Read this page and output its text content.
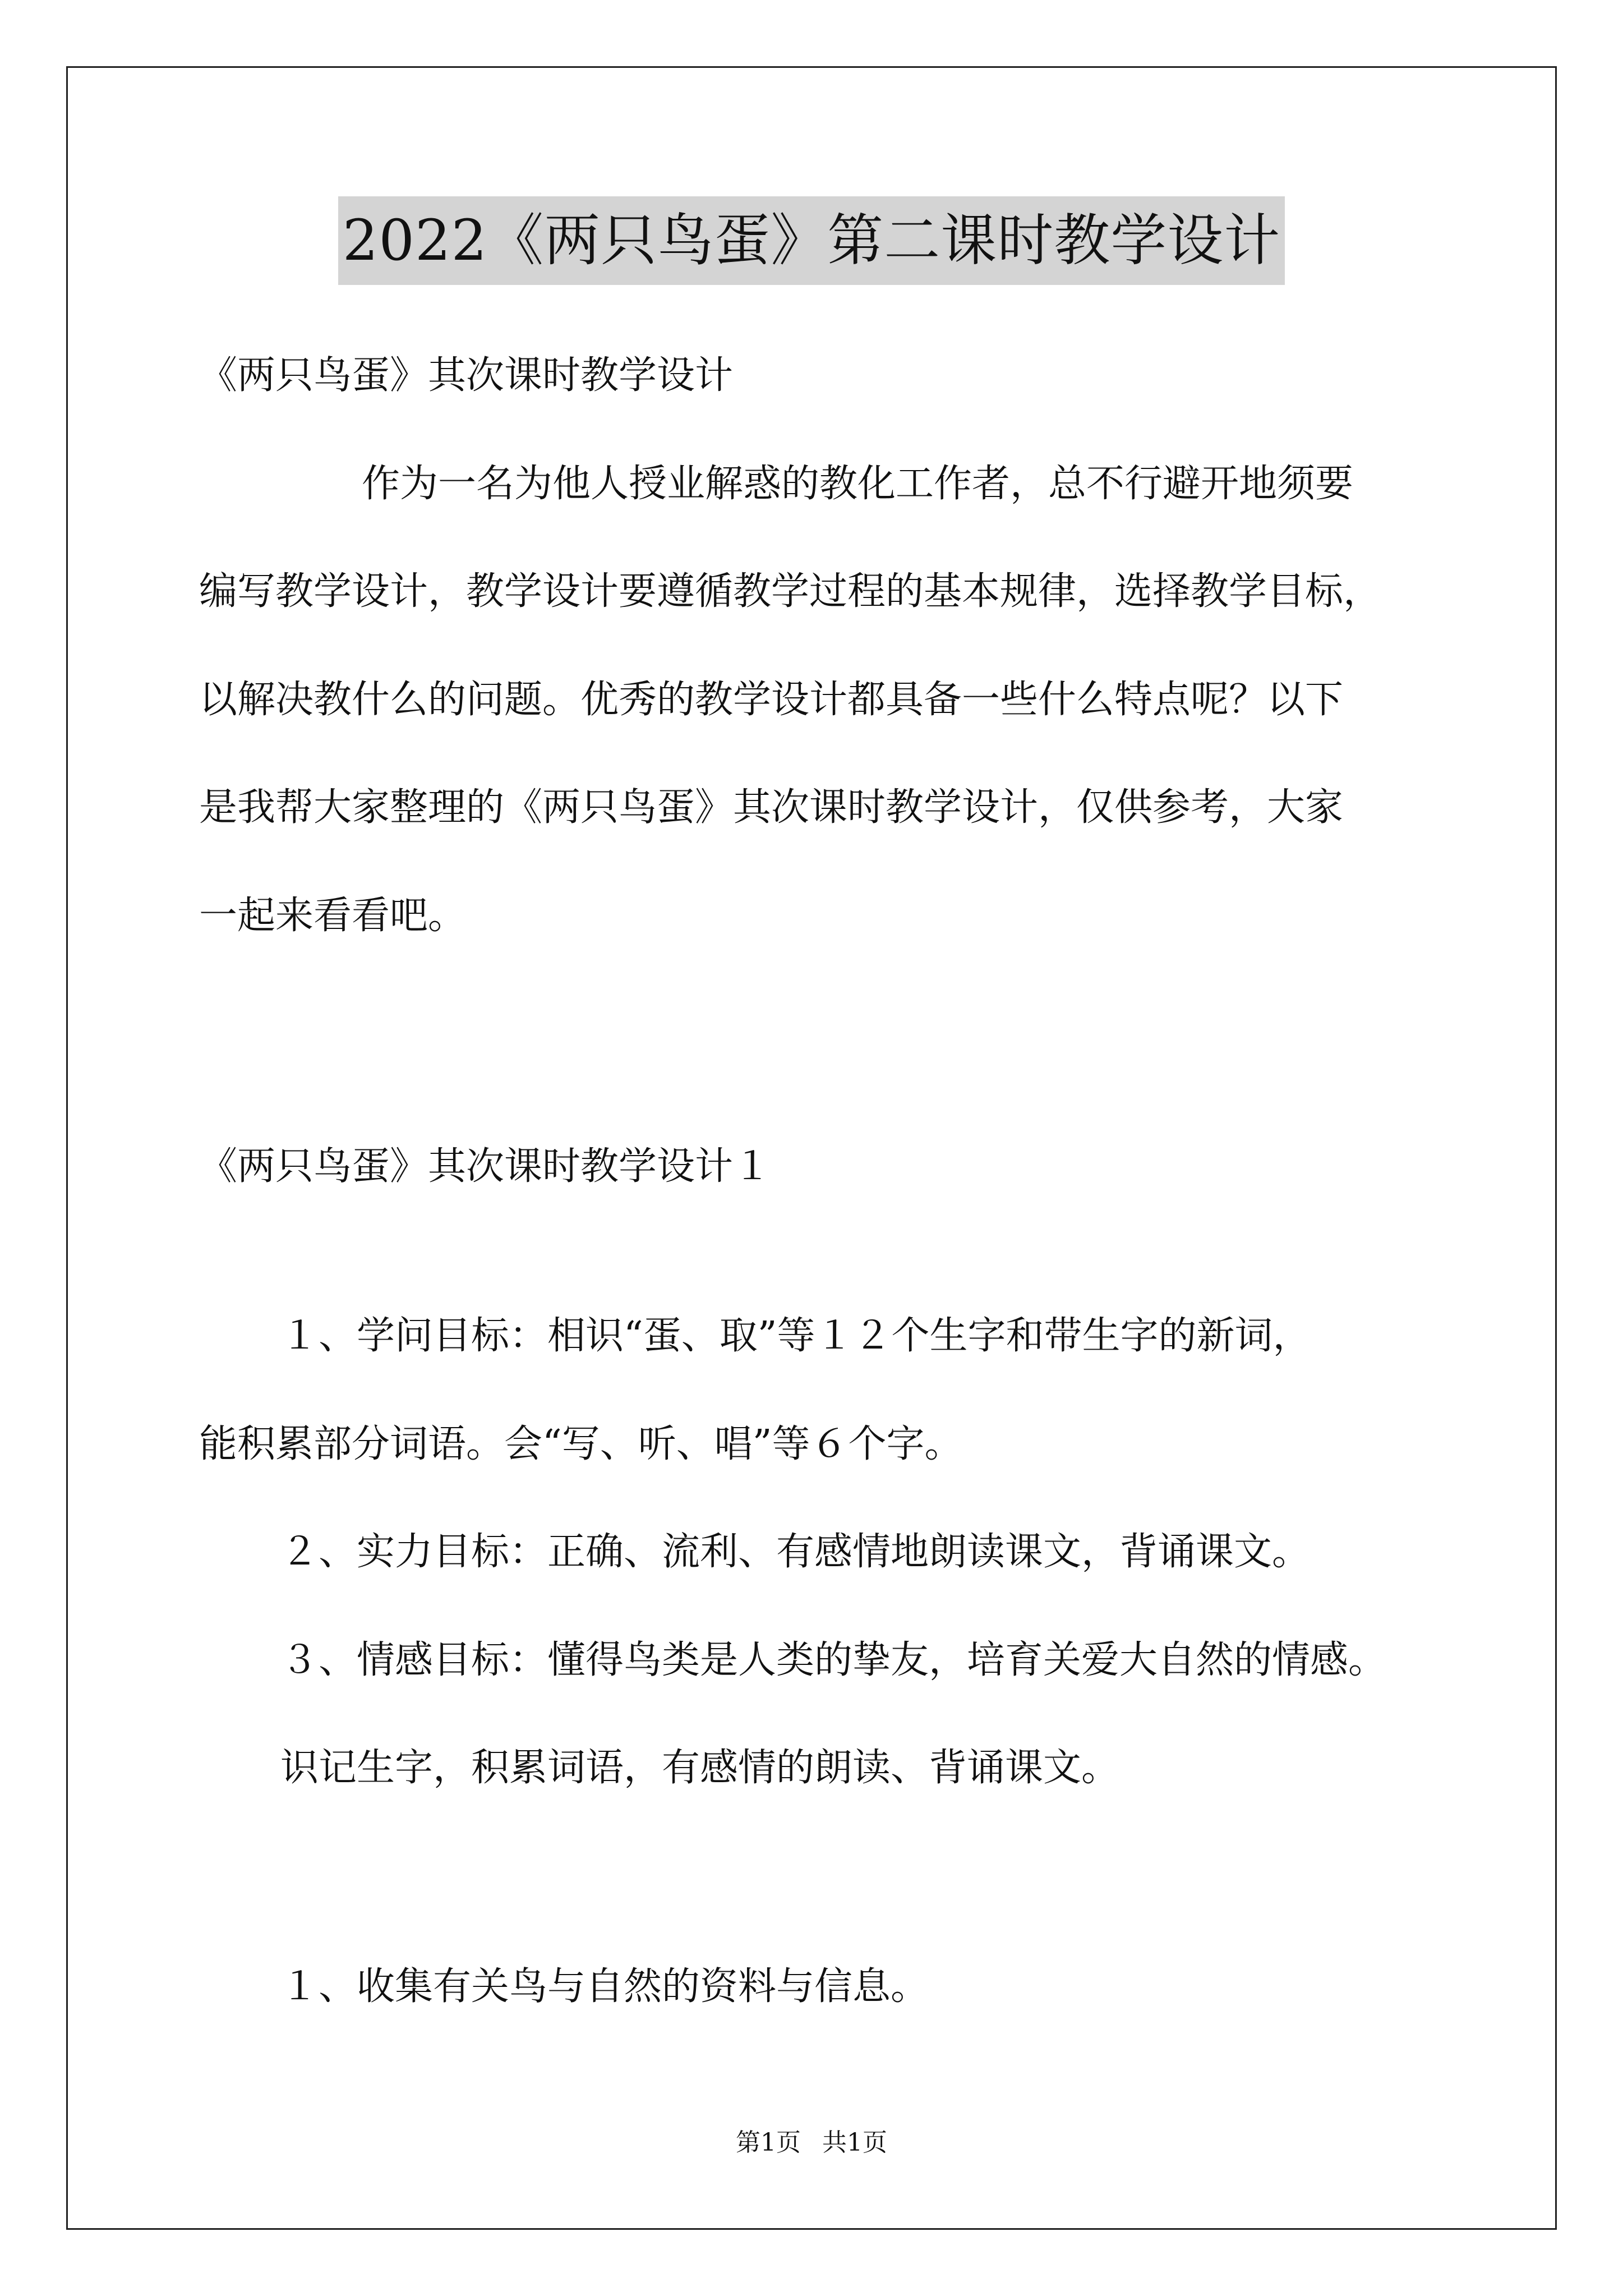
2022《两只鸟蛋》第二课时教学设计
《两只鸟蛋》其次课时教学设计
作为一名为他人授业解惑的教化工作者，总不行避开地须要
编写教学设计，教学设计要遵循教学过程的基本规律，选择教学目标，
以解决教什么的问题。优秀的教学设计都具备一些什么特点呢？以下
是我帮大家整理的《两只鸟蛋》其次课时教学设计，仅供参考，大家
一起来看看吧。
《两只鸟蛋》其次课时教学设计１
１、学问目标：相识“蛋、取”等１２个生字和带生字的新词，
能积累部分词语。会“写、听、唱”等６个字。
２、实力目标：正确、流利、有感情地朗读课文，背诵课文。
３、情感目标：懂得鸟类是人类的挚友，培育关爱大自然的情感。
识记生字，积累词语，有感情的朗读、背诵课文。
１、收集有关鸟与自然的资料与信息。
第1页 共1页
